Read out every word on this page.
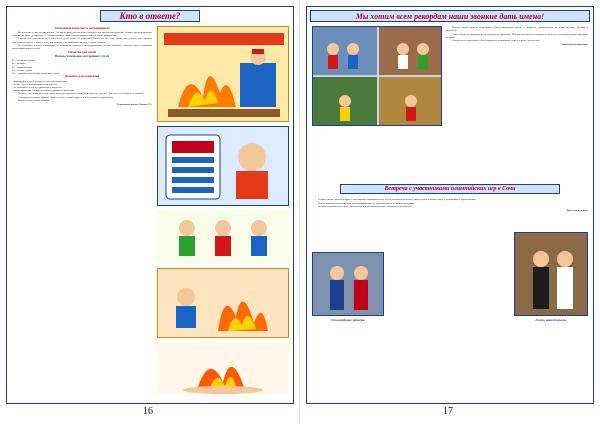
Кто в ответе?
Уважаемые взрослые и обучающиеся!

Впереди три летних месяца отдыха. Это время, когда дети меньше находятся под присмотром взрослых, больше времени проводят на улице, во дворе, у водоёмов. С началом каникул значительно возрастает риск детского травматизма.

Главная ответственность за безопасность детей лежит на родителях. Позаботьтесь о том, чтобы ваш ребёнок знал правила поведения на дороге, у воды, в лесу, при контакте с незнакомыми людьми, в случае пожара.

Не оставляйте детей без присмотра, не разрешайте купаться в необорудованных местах, объясните опасность игр со спичками, электроприборами и огнём.

Памятка для детей
Номера телефонов экстренных служб
01 – пожарная служба
02 – полиция
03 – скорая помощь
04 – газовая служба
112 – единый номер вызова экстренных служб
Памятка для родителей
– формируйте у детей навыки безопасного поведения;
– знайте, где и с кем находится ваш ребёнок;
– не оставляйте детей без присмотра у водоёмов;
– будьте примером соблюдения правил дорожного движения.

Помните, что летом дети чаще всего получают травмы на улице, при падении с высоты, при езде на велосипеде и самокате.

Соблюдая несложные правила, можно сделать летний отдых детей безопасным и радостным.

Берегите себя и своих близких!

Социальный педагог Лукина С.А.
16
Мы хотим всем рекордам наши звонкие дать имена!

Неделю спорта провела наша школа. Ребята принимали участие в эстафетах, соревнованиях по лёгкой атлетике, футболу и волейболу.

Самые активные участники были награждены грамотами. Победители показали отличные результаты и установили новые школьные рекорды.

Спасибо всем участникам и болельщикам за спортивный азарт и хорошее настроение!

Заместитель директора
Встреча с участниками олимпийских игр в Сочи

В нашей школе прошла встреча с участниками олимпийских игр. Гости рассказали ребятам о своём пути в большой спорт, о тренировках и соревнованиях.

Ребята задавали много вопросов, фотографировались со спортсменами и получили автографы.

Встреча оставила у всех яркие впечатления и вдохновила на новые спортивные достижения.

Пресс-центр школы
Олимпийские призёры	Гости нашей школы
17
